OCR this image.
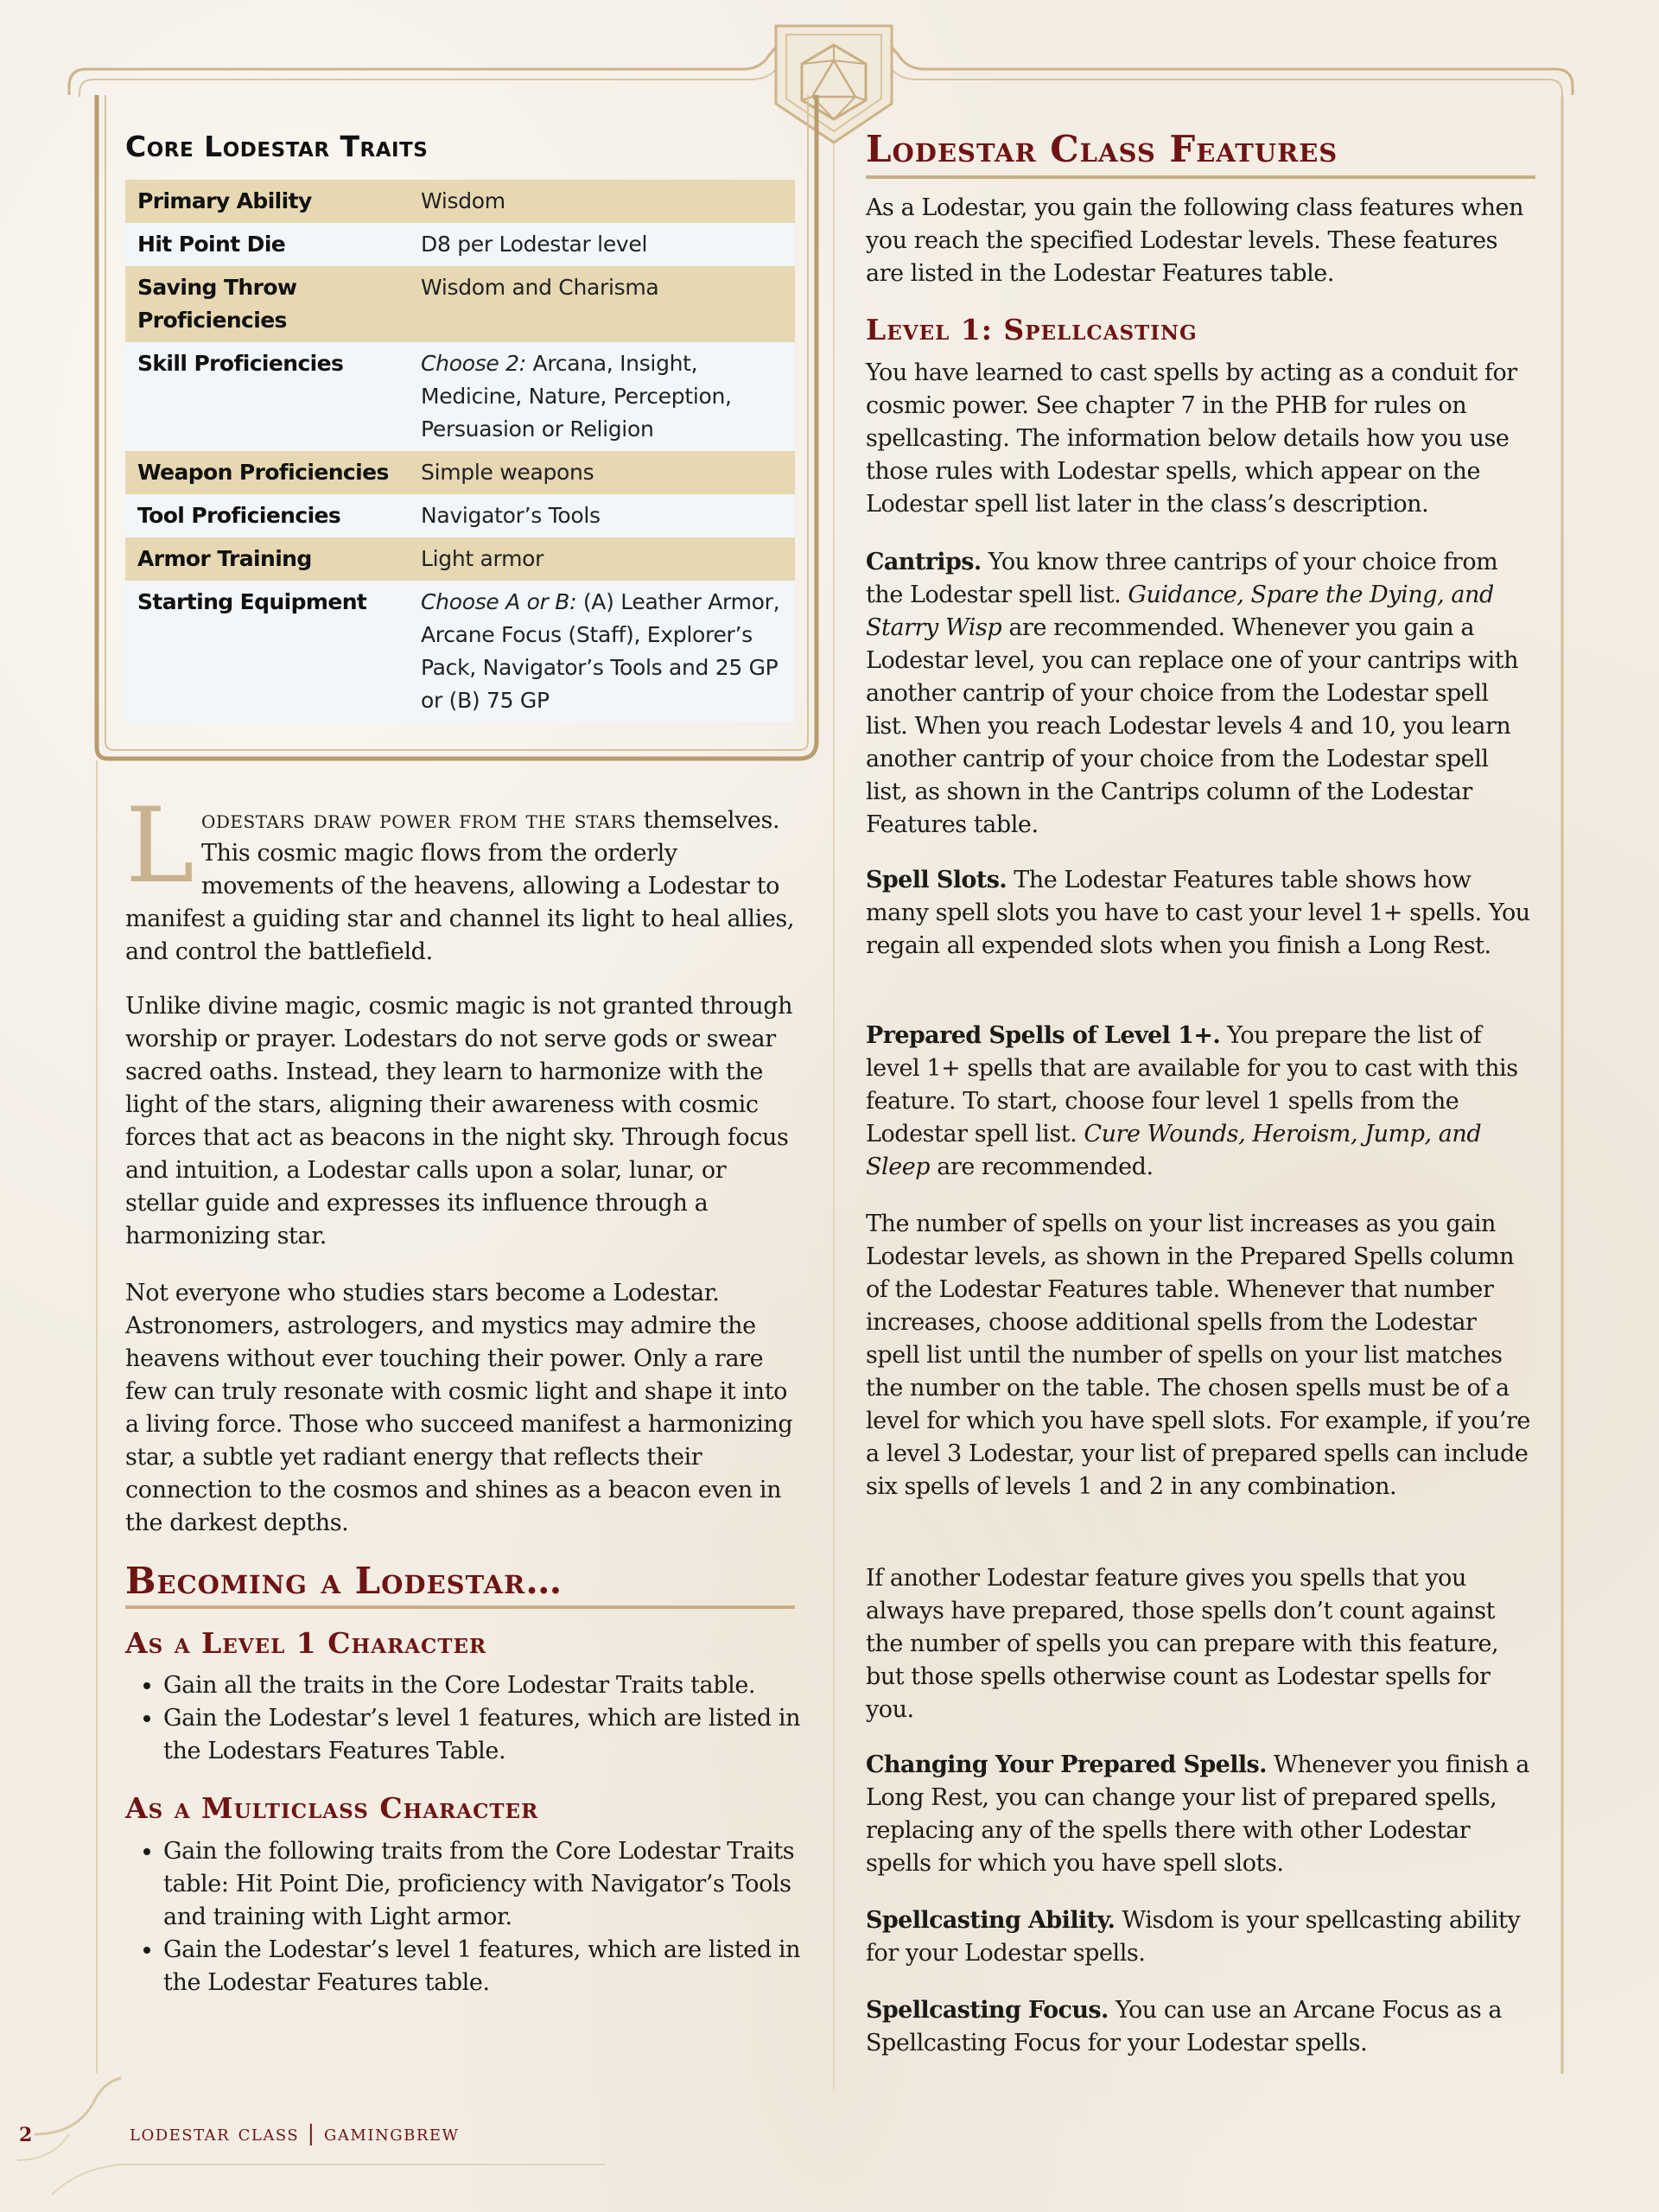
Core Lodestar Traits
Primary Ability	Wisdom
Hit Point Die	D8 per Lodestar level
Saving Throw Proficiencies	Wisdom and Charisma
Skill Proficiencies	Choose 2: Arcana, Insight, Medicine, Nature, Perception, Persuasion or Religion
Weapon Proficiencies	Simple weapons
Tool Proficiencies	Navigator’s Tools
Armor Training	Light armor
Starting Equipment	Choose A or B: (A) Leather Armor, Arcane Focus (Staff), Explorer’s Pack, Navigator’s Tools and 25 GP or (B) 75 GP
L odestars draw power from the stars themselves. This cosmic magic flows from the orderly movements of the heavens, allowing a Lodestar to manifest a guiding star and channel its light to heal allies, and control the battlefield.
Unlike divine magic, cosmic magic is not granted through worship or prayer. Lodestars do not serve gods or swear sacred oaths. Instead, they learn to harmonize with the light of the stars, aligning their awareness with cosmic forces that act as beacons in the night sky. Through focus and intuition, a Lodestar calls upon a solar, lunar, or stellar guide and expresses its influence through a harmonizing star.
Not everyone who studies stars become a Lodestar. Astronomers, astrologers, and mystics may admire the heavens without ever touching their power. Only a rare few can truly resonate with cosmic light and shape it into a living force. Those who succeed manifest a harmonizing star, a subtle yet radiant energy that reflects their connection to the cosmos and shines as a beacon even in the darkest depths.
Becoming a Lodestar…
As a Level 1 Character
• Gain all the traits in the Core Lodestar Traits table.
• Gain the Lodestar’s level 1 features, which are listed in the Lodestars Features Table.
As a Multiclass Character
• Gain the following traits from the Core Lodestar Traits table: Hit Point Die, proficiency with Navigator’s Tools and training with Light armor.
• Gain the Lodestar’s level 1 features, which are listed in the Lodestar Features table.
Lodestar Class Features
As a Lodestar, you gain the following class features when you reach the specified Lodestar levels. These features are listed in the Lodestar Features table.
Level 1: Spellcasting
You have learned to cast spells by acting as a conduit for cosmic power. See chapter 7 in the PHB for rules on spellcasting. The information below details how you use those rules with Lodestar spells, which appear on the Lodestar spell list later in the class’s description.
Cantrips. You know three cantrips of your choice from the Lodestar spell list. Guidance, Spare the Dying, and Starry Wisp are recommended. Whenever you gain a Lodestar level, you can replace one of your cantrips with another cantrip of your choice from the Lodestar spell list. When you reach Lodestar levels 4 and 10, you learn another cantrip of your choice from the Lodestar spell list, as shown in the Cantrips column of the Lodestar Features table.
Spell Slots. The Lodestar Features table shows how many spell slots you have to cast your level 1+ spells. You regain all expended slots when you finish a Long Rest.
Prepared Spells of Level 1+. You prepare the list of level 1+ spells that are available for you to cast with this feature. To start, choose four level 1 spells from the Lodestar spell list. Cure Wounds, Heroism, Jump, and Sleep are recommended.
The number of spells on your list increases as you gain Lodestar levels, as shown in the Prepared Spells column of the Lodestar Features table. Whenever that number increases, choose additional spells from the Lodestar spell list until the number of spells on your list matches the number on the table. The chosen spells must be of a level for which you have spell slots. For example, if you’re a level 3 Lodestar, your list of prepared spells can include six spells of levels 1 and 2 in any combination.
If another Lodestar feature gives you spells that you always have prepared, those spells don’t count against the number of spells you can prepare with this feature, but those spells otherwise count as Lodestar spells for you.
Changing Your Prepared Spells. Whenever you finish a Long Rest, you can change your list of prepared spells, replacing any of the spells there with other Lodestar spells for which you have spell slots.
Spellcasting Ability. Wisdom is your spellcasting ability for your Lodestar spells.
Spellcasting Focus. You can use an Arcane Focus as a Spellcasting Focus for your Lodestar spells.
2	lodestar class | gamingbrew
